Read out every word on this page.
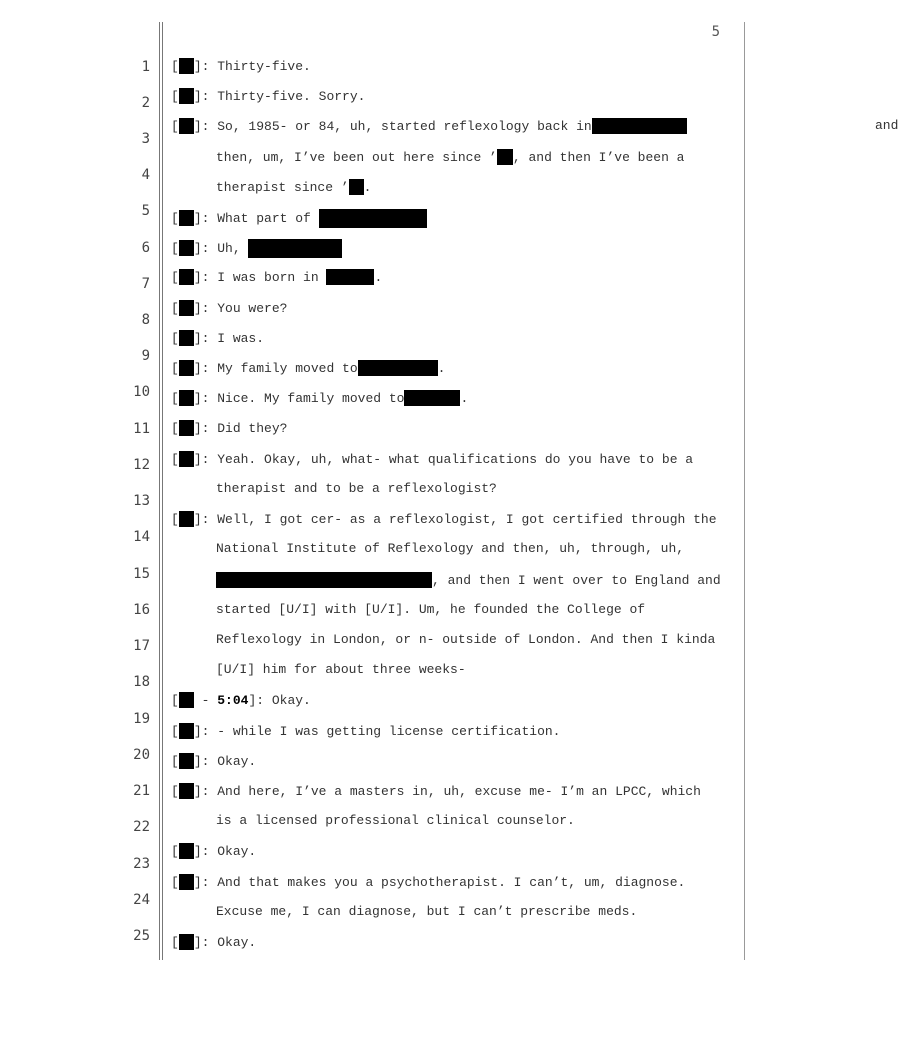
5
1
2
3
4
5
6
7
8
9
10
11
12
13
14
15
16
17
18
19
20
21
22
23
24
25
[ ]: Thirty-five.
[ ]: Thirty-five. Sorry.
[ ]: So, 1985- or 84, uh, started reflexology back in	and
then, um, I’ve been out here since ’ , and then I’ve been a
therapist since ’ .
[ ]: What part of
[ ]: Uh,
[ ]: I was born in	.
[ ]: You were?
[ ]: I was.
[ ]: My family moved to	.
[ ]: Nice. My family moved to	.
[ ]: Did they?
[ ]: Yeah. Okay, uh, what- what qualifications do you have to be a
therapist and to be a reflexologist?
[ ]: Well, I got cer- as a reflexologist, I got certified through the
National Institute of Reflexology and then, uh, through, uh,
, and then I went over to England and
started [U/I] with [U/I]. Um, he founded the College of
Reflexology in London, or n- outside of London. And then I kinda
[U/I] him for about three weeks-
[ - 5:04]: Okay.
[ ]: - while I was getting license certification.
[ ]: Okay.
[ ]: And here, I’ve a masters in, uh, excuse me- I’m an LPCC, which
is a licensed professional clinical counselor.
[ ]: Okay.
[ ]: And that makes you a psychotherapist. I can’t, um, diagnose.
Excuse me, I can diagnose, but I can’t prescribe meds.
[ ]: Okay.
